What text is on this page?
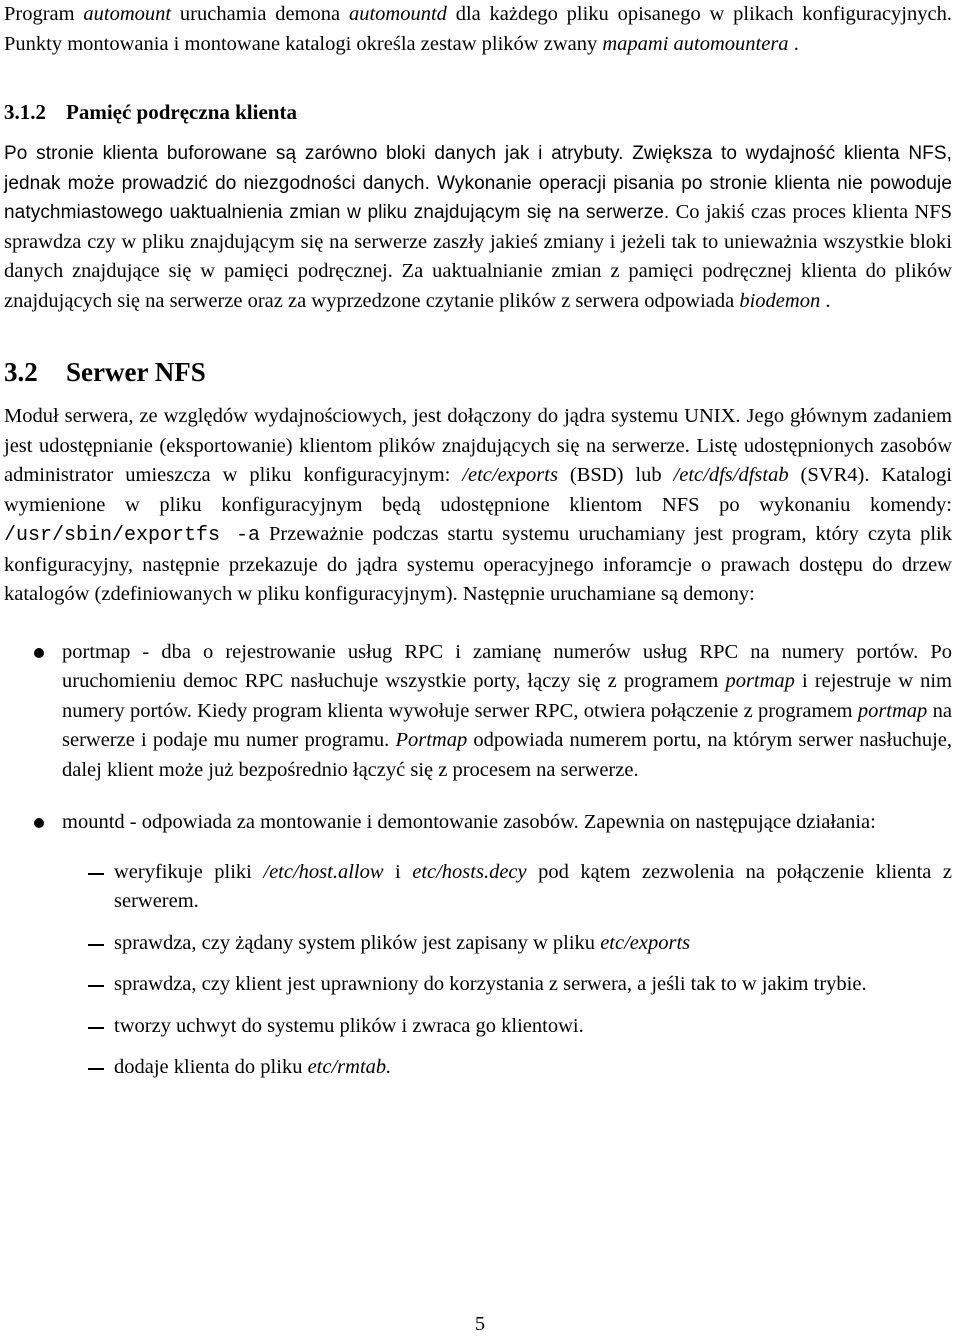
Program automount uruchamia demona automountd dla każdego pliku opisanego w plikach konfiguracyjnych. Punkty montowania i montowane katalogi określa zestaw plików zwany mapami automountera .

3.1.2 Pamięć podręczna klienta

Po stronie klienta buforowane są zarówno bloki danych jak i atrybuty. Zwiększa to wydajność klienta NFS, jednak może prowadzić do niezgodności danych. Wykonanie operacji pisania po stronie klienta nie powoduje natychmiastowego uaktualnienia zmian w pliku znajdującym się na serwerze. Co jakiś czas proces klienta NFS sprawdza czy w pliku znajdującym się na serwerze zaszły jakieś zmiany i jeżeli tak to unieważnia wszystkie bloki danych znajdujące się w pamięci podręcznej. Za uaktualnianie zmian z pamięci podręcznej klienta do plików znajdujących się na serwerze oraz za wyprzedzone czytanie plików z serwera odpowiada biodemon .

3.2 Serwer NFS

Moduł serwera, ze względów wydajnościowych, jest dołączony do jądra systemu UNIX. Jego głównym zadaniem jest udostępnianie (eksportowanie) klientom plików znajdujących się na serwerze. Listę udostępnionych zasobów administrator umieszcza w pliku konfiguracyjnym: /etc/exports (BSD) lub /etc/dfs/dfstab (SVR4). Katalogi wymienione w pliku konfiguracyjnym będą udostępnione klientom NFS po wykonaniu komendy: /usr/sbin/exportfs -a Przeważnie podczas startu systemu uruchamiany jest program, który czyta plik konfiguracyjny, następnie przekazuje do jądra systemu operacyjnego inforamcje o prawach dostępu do drzew katalogów (zdefiniowanych w pliku konfiguracyjnym). Następnie uruchamiane są demony:

portmap - dba o rejestrowanie usług RPC i zamianę numerów usług RPC na numery portów. Po uruchomieniu democ RPC nasłuchuje wszystkie porty, łączy się z programem portmap i rejestruje w nim numery portów. Kiedy program klienta wywołuje serwer RPC, otwiera połączenie z programem portmap na serwerze i podaje mu numer programu. Portmap odpowiada numerem portu, na którym serwer nasłuchuje, dalej klient może już bezpośrednio łączyć się z procesem na serwerze.

mountd - odpowiada za montowanie i demontowanie zasobów. Zapewnia on następujące działania:

weryfikuje pliki /etc/host.allow i etc/hosts.decy pod kątem zezwolenia na połączenie klienta z serwerem.

sprawdza, czy żądany system plików jest zapisany w pliku etc/exports

sprawdza, czy klient jest uprawniony do korzystania z serwera, a jeśli tak to w jakim trybie.

tworzy uchwyt do systemu plików i zwraca go klientowi.

dodaje klienta do pliku etc/rmtab.

5
